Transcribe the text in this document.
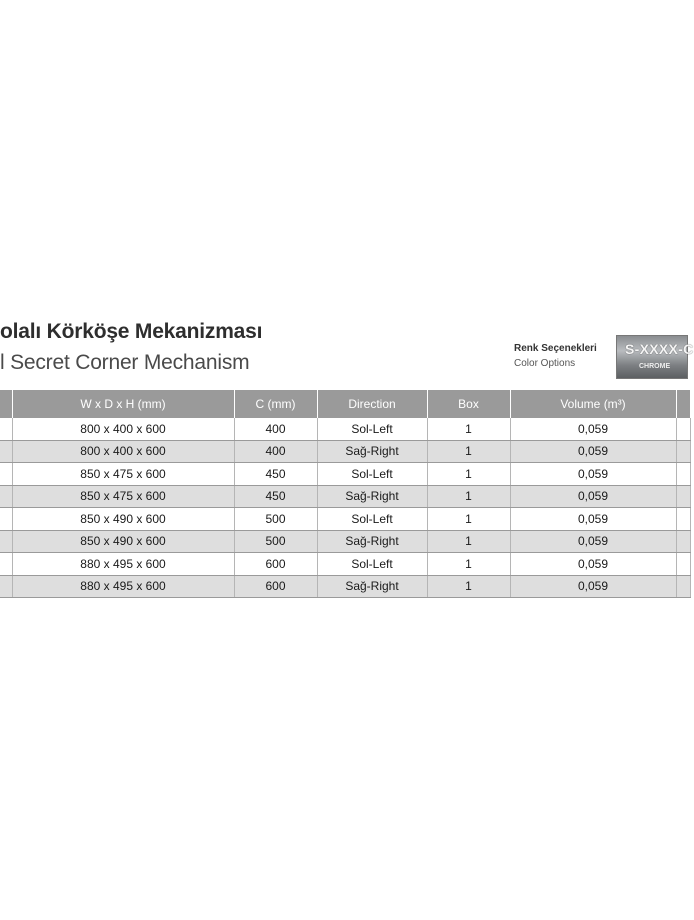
olalı Körköşe Mekanizması
l Secret Corner Mechanism
Renk Seçenekleri
Color Options
S-XXXX-C
CHROME
	W x D x H (mm)	C (mm)	Direction	Box	Volume (m³)	
	800 x 400 x 600	400	Sol-Left	1	0,059	
	800 x 400 x 600	400	Sağ-Right	1	0,059	
	850 x 475 x 600	450	Sol-Left	1	0,059	
	850 x 475 x 600	450	Sağ-Right	1	0,059	
	850 x 490 x 600	500	Sol-Left	1	0,059	
	850 x 490 x 600	500	Sağ-Right	1	0,059	
	880 x 495 x 600	600	Sol-Left	1	0,059	
	880 x 495 x 600	600	Sağ-Right	1	0,059	
